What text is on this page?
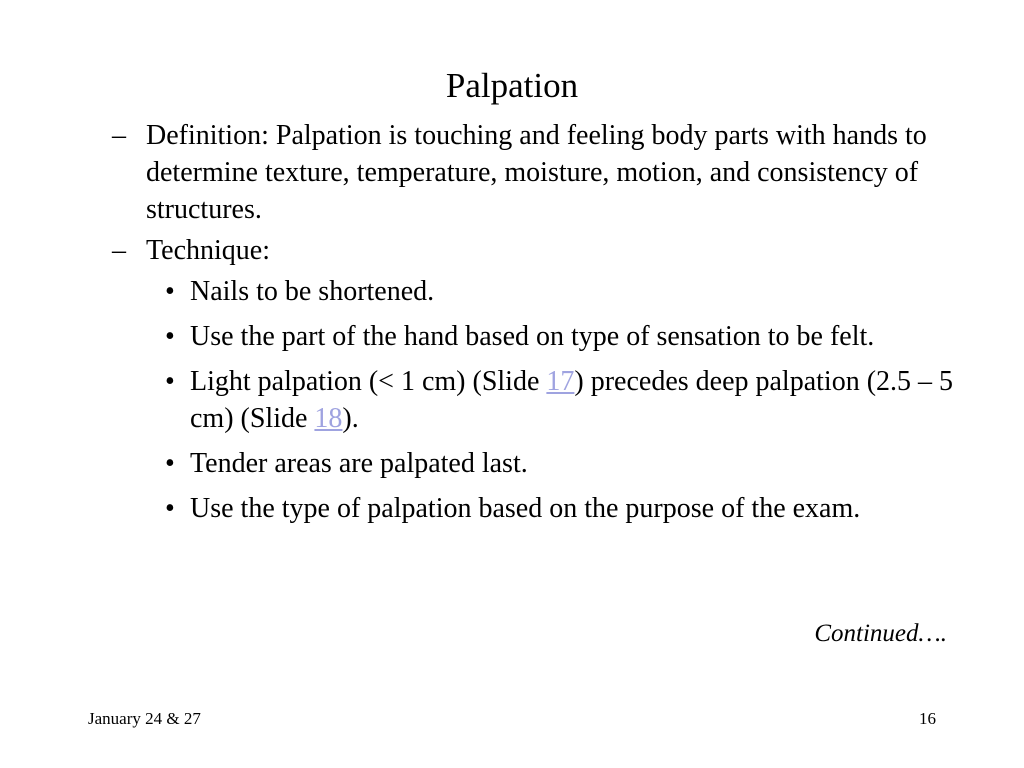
Palpation
– Definition: Palpation is touching and feeling body parts with hands to determine texture, temperature, moisture, motion, and consistency of structures.
– Technique:
• Nails to be shortened.
• Use the part of the hand based on type of sensation to be felt.
• Light palpation (< 1 cm) (Slide 17) precedes deep palpation (2.5 – 5 cm) (Slide 18).
• Tender areas are palpated last.
• Use the type of palpation based on the purpose of the exam.
Continued….
January 24 & 27	16
